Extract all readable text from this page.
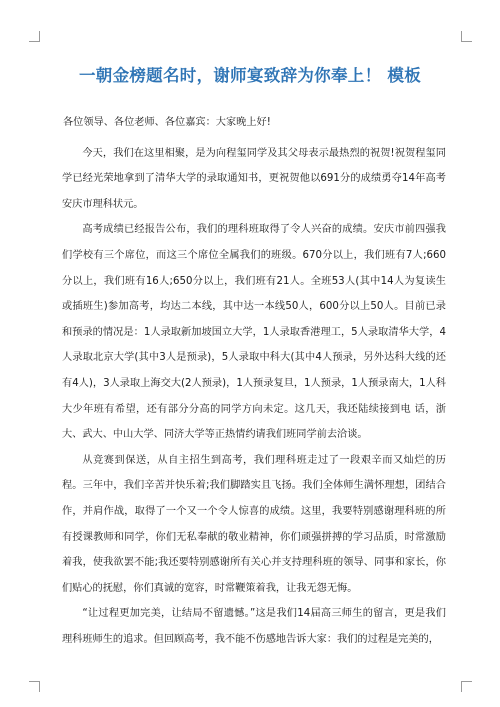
一朝金榜题名时，谢师宴致辞为你奉上！ 模板

各位领导、各位老师、各位嘉宾：大家晚上好!

今天，我们在这里相聚，是为向程玺同学及其父母表示最热烈的祝贺!祝贺程玺同学已经光荣地拿到了清华大学的录取通知书，更祝贺他以691分的成绩勇夺14年高考安庆市理科状元。

高考成绩已经报告公布，我们的理科班取得了令人兴奋的成绩。安庆市前四强我们学校有三个席位，而这三个席位全属我们的班级。670分以上，我们班有7人;660分以上，我们班有16人;650分以上，我们班有21人。全班53人(其中14人为复读生或插班生)参加高考，均达二本线，其中达一本线50人，600分以上50人。目前已录和预录的情况是：1人录取新加坡国立大学，1人录取香港理工，5人录取清华大学，4人录取北京大学(其中3人是预录)，5人录取中科大(其中4人预录，另外达科大线的还有4人)，3人录取上海交大(2人预录)，1人预录复旦，1人预录，1人预录南大，1人科大少年班有希望，还有部分分高的同学方向未定。这几天，我还陆续接到电 话，浙大、武大、中山大学、同济大学等正热情约请我们班同学前去洽谈。

从竞赛到保送，从自主招生到高考，我们理科班走过了一段艰辛而又灿烂的历程。三年中，我们辛苦并快乐着;我们脚踏实且飞扬。我们全体师生满怀理想，团结合作，并肩作战，取得了一个又一个令人惊喜的成绩。这里，我要特别感谢理科班的所有授课教师和同学，你们无私奉献的敬业精神，你们顽强拼搏的学习品质，时常激励着我，使我欲罢不能;我还要特别感谢所有关心并支持理科班的领导、同事和家长，你们贴心的抚慰，你们真诚的宽容，时常鞭策着我，让我无怨无悔。

“让过程更加完美，让结局不留遗憾。”这是我们14届高三师生的留言，更是我们理科班师生的追求。但回顾高考，我不能不伤感地告诉大家：我们的过程是完美的，
